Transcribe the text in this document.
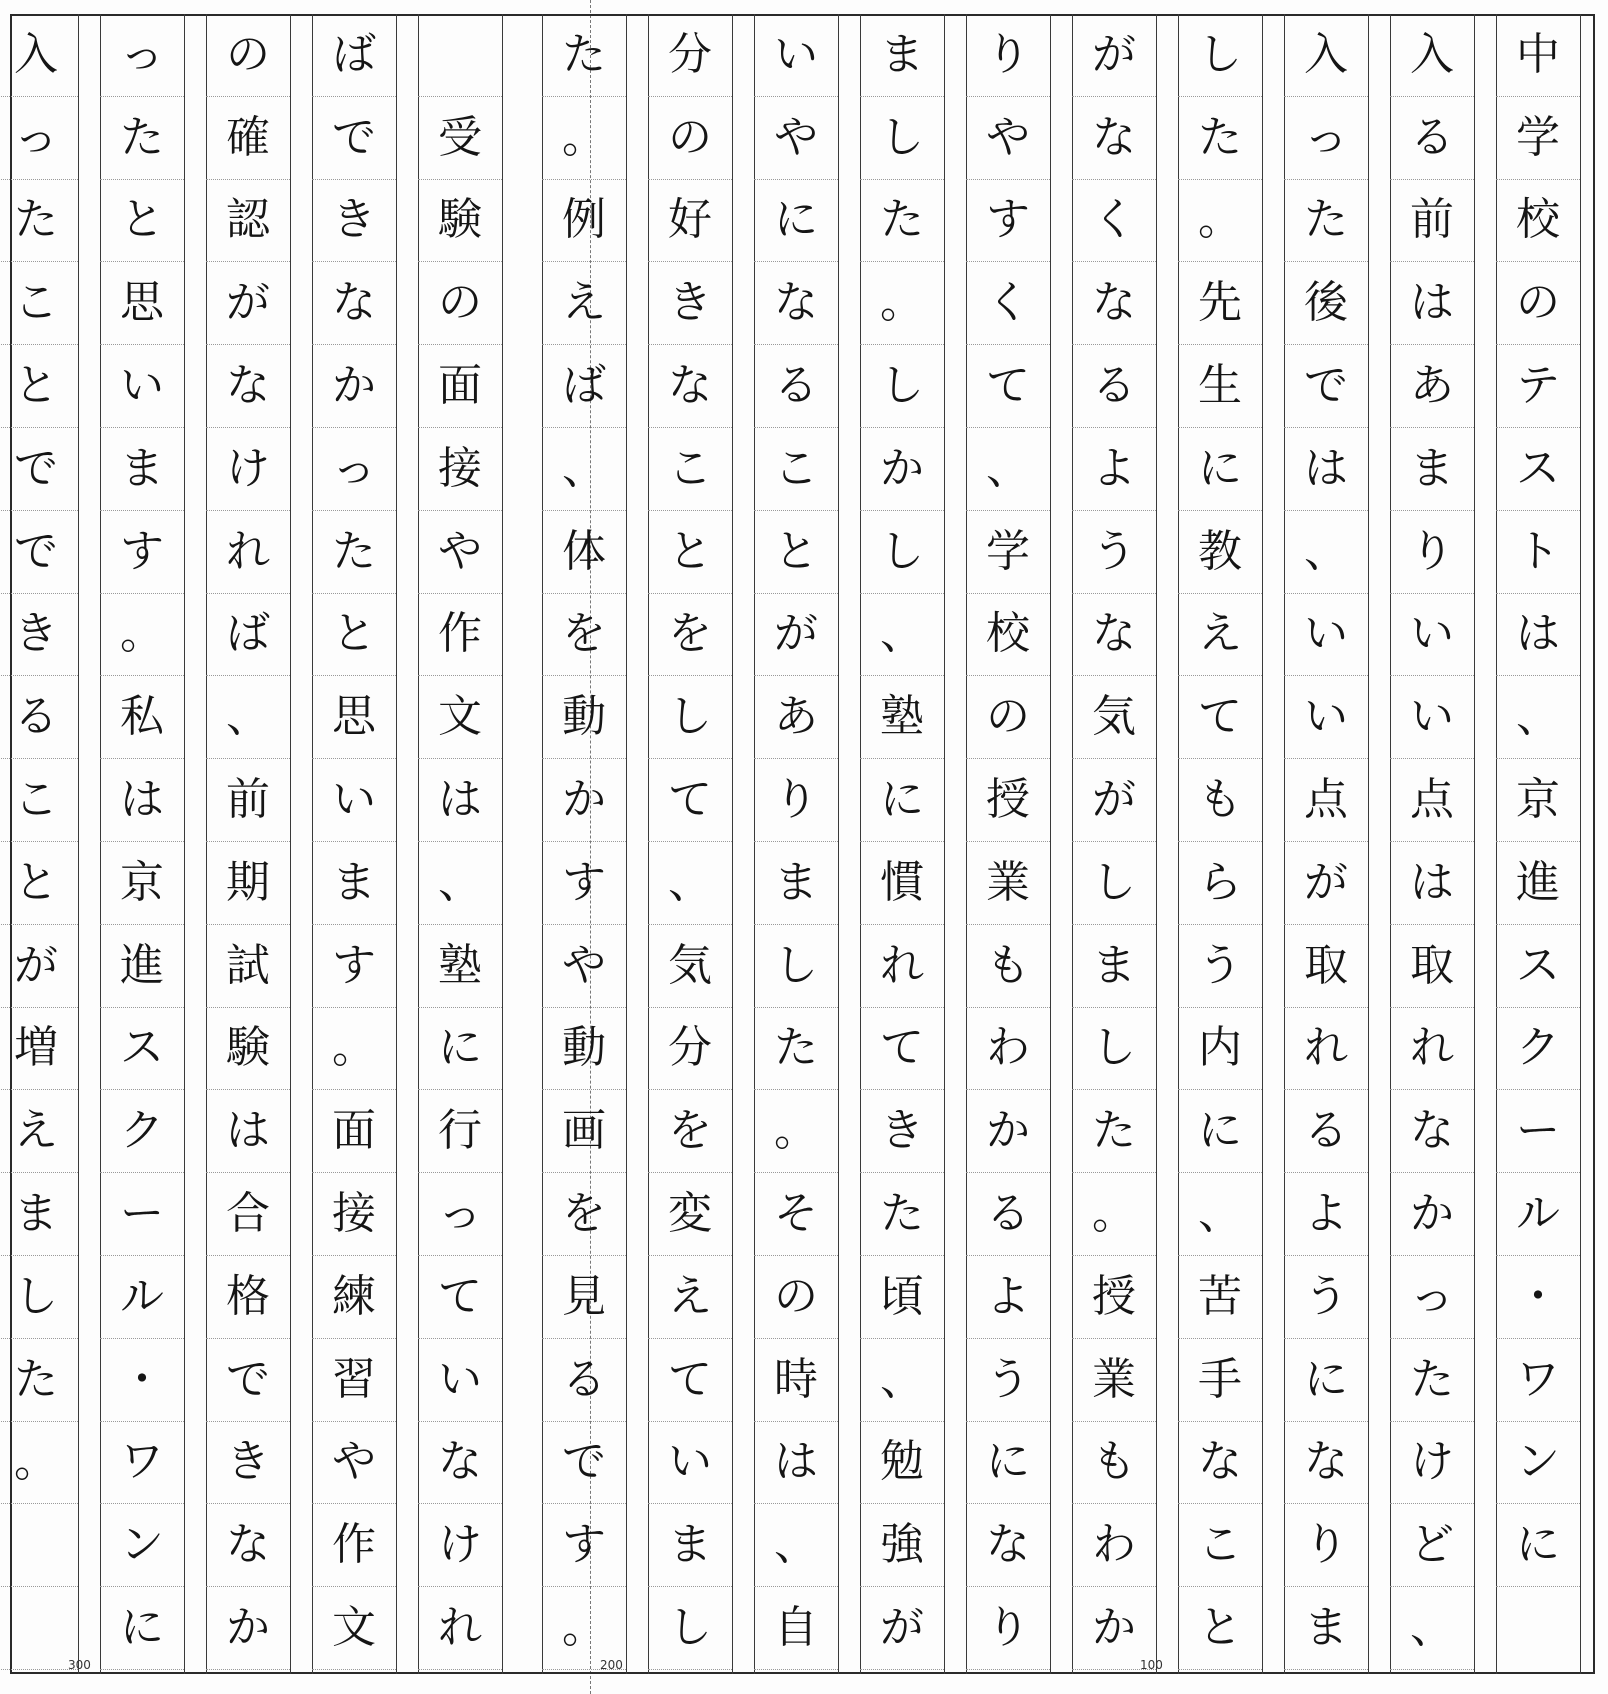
中
学
校
の
テ
ス
ト
は
、
京
進
ス
ク
ー
ル
・
ワ
ン
に
入
る
前
は
あ
ま
り
い
い
点
は
取
れ
な
か
っ
た
け
ど
、
入
っ
た
後
で
は
、
い
い
点
が
取
れ
る
よ
う
に
な
り
ま
し
た
。
先
生
に
教
え
て
も
ら
う
内
に
、
苦
手
な
こ
と
が
な
く
な
る
よ
う
な
気
が
し
ま
し
た
。
授
業
も
わ
か
り
や
す
く
て
、
学
校
の
授
業
も
わ
か
る
よ
う
に
な
り
ま
し
た
。
し
か
し
、
塾
に
慣
れ
て
き
た
頃
、
勉
強
が
い
や
に
な
る
こ
と
が
あ
り
ま
し
た
。
そ
の
時
は
、
自
分
の
好
き
な
こ
と
を
し
て
、
気
分
を
変
え
て
い
ま
し
た
。
例
え
ば
、
体
を
動
か
す
や
動
画
を
見
る
で
す
。
受
験
の
面
接
や
作
文
は
、
塾
に
行
っ
て
い
な
け
れ
ば
で
き
な
か
っ
た
と
思
い
ま
す
。
面
接
練
習
や
作
文
の
確
認
が
な
け
れ
ば
、
前
期
試
験
は
合
格
で
き
な
か
っ
た
と
思
い
ま
す
。
私
は
京
進
ス
ク
ー
ル
・
ワ
ン
に
入
っ
た
こ
と
で
で
き
る
こ
と
が
増
え
ま
し
た
。
100
200
300
